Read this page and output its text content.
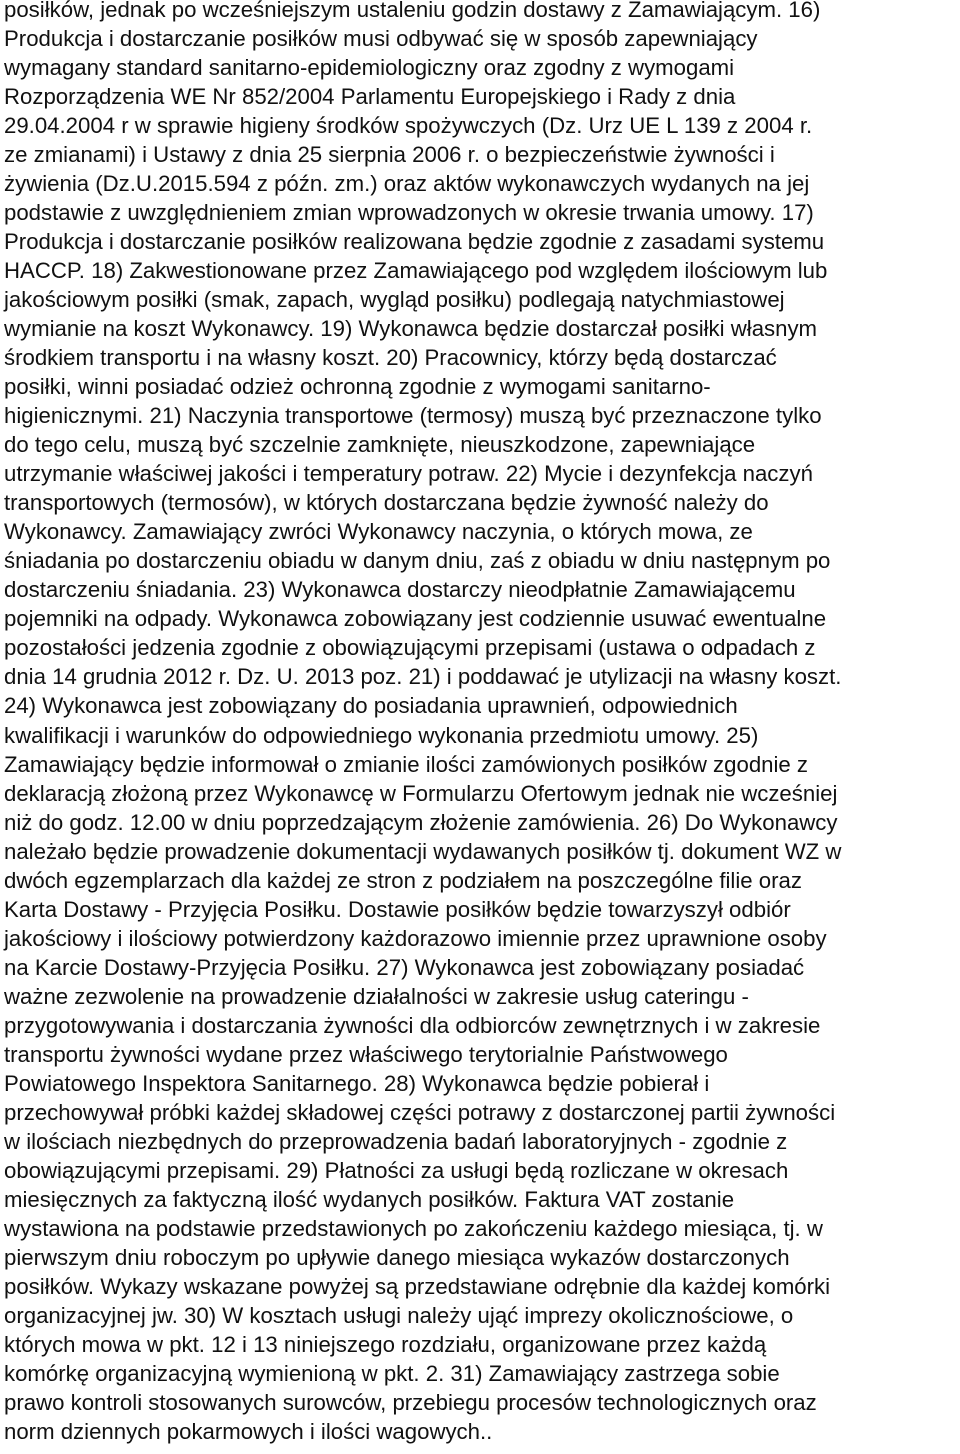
posiłków, jednak po wcześniejszym ustaleniu godzin dostawy z Zamawiającym. 16)
Produkcja i dostarczanie posiłków musi odbywać się w sposób zapewniający
wymagany standard sanitarno-epidemiologiczny oraz zgodny z wymogami
Rozporządzenia WE Nr 852/2004 Parlamentu Europejskiego i Rady z dnia
29.04.2004 r w sprawie higieny środków spożywczych (Dz. Urz UE L 139 z 2004 r.
ze zmianami) i Ustawy z dnia 25 sierpnia 2006 r. o bezpieczeństwie żywności i
żywienia (Dz.U.2015.594 z późn. zm.) oraz aktów wykonawczych wydanych na jej
podstawie z uwzględnieniem zmian wprowadzonych w okresie trwania umowy. 17)
Produkcja i dostarczanie posiłków realizowana będzie zgodnie z zasadami systemu
HACCP. 18) Zakwestionowane przez Zamawiającego pod względem ilościowym lub
jakościowym posiłki (smak, zapach, wygląd posiłku) podlegają natychmiastowej
wymianie na koszt Wykonawcy. 19) Wykonawca będzie dostarczał posiłki własnym
środkiem transportu i na własny koszt. 20) Pracownicy, którzy będą dostarczać
posiłki, winni posiadać odzież ochronną zgodnie z wymogami sanitarno-
higienicznymi. 21) Naczynia transportowe (termosy) muszą być przeznaczone tylko
do tego celu, muszą być szczelnie zamknięte, nieuszkodzone, zapewniające
utrzymanie właściwej jakości i temperatury potraw. 22) Mycie i dezynfekcja naczyń
transportowych (termosów), w których dostarczana będzie żywność należy do
Wykonawcy. Zamawiający zwróci Wykonawcy naczynia, o których mowa, ze
śniadania po dostarczeniu obiadu w danym dniu, zaś z obiadu w dniu następnym po
dostarczeniu śniadania. 23) Wykonawca dostarczy nieodpłatnie Zamawiającemu
pojemniki na odpady. Wykonawca zobowiązany jest codziennie usuwać ewentualne
pozostałości jedzenia zgodnie z obowiązującymi przepisami (ustawa o odpadach z
dnia 14 grudnia 2012 r. Dz. U. 2013 poz. 21) i poddawać je utylizacji na własny koszt.
24) Wykonawca jest zobowiązany do posiadania uprawnień, odpowiednich
kwalifikacji i warunków do odpowiedniego wykonania przedmiotu umowy. 25)
Zamawiający będzie informował o zmianie ilości zamówionych posiłków zgodnie z
deklaracją złożoną przez Wykonawcę w Formularzu Ofertowym jednak nie wcześniej
niż do godz. 12.00 w dniu poprzedzającym złożenie zamówienia. 26) Do Wykonawcy
należało będzie prowadzenie dokumentacji wydawanych posiłków tj. dokument WZ w
dwóch egzemplarzach dla każdej ze stron z podziałem na poszczególne filie oraz
Karta Dostawy - Przyjęcia Posiłku. Dostawie posiłków będzie towarzyszył odbiór
jakościowy i ilościowy potwierdzony każdorazowo imiennie przez uprawnione osoby
na Karcie Dostawy-Przyjęcia Posiłku. 27) Wykonawca jest zobowiązany posiadać
ważne zezwolenie na prowadzenie działalności w zakresie usług cateringu -
przygotowywania i dostarczania żywności dla odbiorców zewnętrznych i w zakresie
transportu żywności wydane przez właściwego terytorialnie Państwowego
Powiatowego Inspektora Sanitarnego. 28) Wykonawca będzie pobierał i
przechowywał próbki każdej składowej części potrawy z dostarczonej partii żywności
w ilościach niezbędnych do przeprowadzenia badań laboratoryjnych - zgodnie z
obowiązującymi przepisami. 29) Płatności za usługi będą rozliczane w okresach
miesięcznych za faktyczną ilość wydanych posiłków. Faktura VAT zostanie
wystawiona na podstawie przedstawionych po zakończeniu każdego miesiąca, tj. w
pierwszym dniu roboczym po upływie danego miesiąca wykazów dostarczonych
posiłków. Wykazy wskazane powyżej są przedstawiane odrębnie dla każdej komórki
organizacyjnej jw. 30) W kosztach usługi należy ująć imprezy okolicznościowe, o
których mowa w pkt. 12 i 13 niniejszego rozdziału, organizowane przez każdą
komórkę organizacyjną wymienioną w pkt. 2. 31) Zamawiający zastrzega sobie
prawo kontroli stosowanych surowców, przebiegu procesów technologicznych oraz
norm dziennych pokarmowych i ilości wagowych..
